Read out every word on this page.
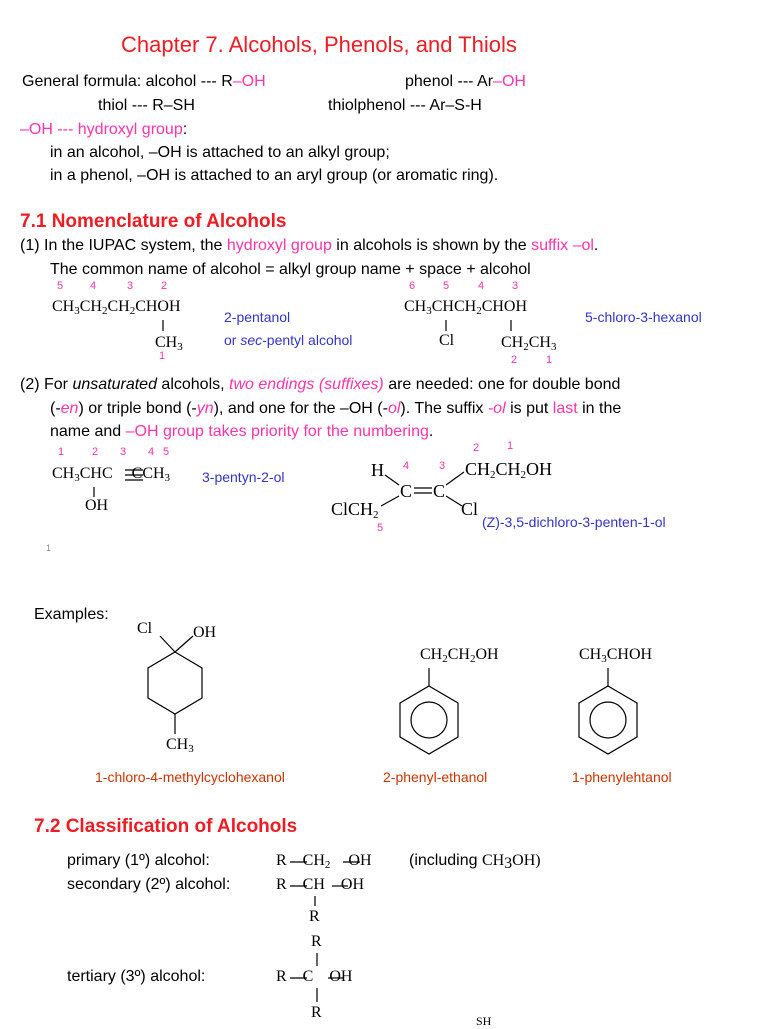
Chapter 7. Alcohols, Phenols, and Thiols
General formula: alcohol --- R–OH	phenol --- Ar–OH
thiol --- R–SH	thiolphenol --- Ar–S-H
–OH --- hydroxyl group:
in an alcohol, –OH is attached to an alkyl group;
in a phenol, –OH is attached to an aryl group (or aromatic ring).
7.1 Nomenclature of Alcohols
(1) In the IUPAC system, the hydroxyl group in alcohols is shown by the suffix –ol.
The common name of alcohol = alkyl group name + space + alcohol
5 4	3	2
$CH_3CH_2CH_2CHOH$
$CH_3$
1
2-pentanol
or sec-pentyl alcohol
6	5	4	3
$CH_3CHCH_2CHOH$
Cl	$CH_2CH_3$
2	1
5-chloro-3-hexanol
(2) For unsaturated alcohols, two endings (suffixes) are needed: one for double bond
(-en) or triple bond (-yn), and one for the –OH (-ol). The suffix -ol is put last in the
name and –OH group takes priority for the numbering.
1	2 3 4 5
$CH_3CHC$ $CCH_3$
OH
3-pentyn-2-ol	H 4	3
2	1
C C
$CH_2CH_2OH$
ClCH$_2$	Cl
5	(Z)-3,5-dichloro-3-penten-1-ol
1
Examples:
Cl	OH
$CH_3$
1-chloro-4-methylcyclohexanol
$CH_2CH_2OH$
2-phenyl-ethanol
$CH_3CHOH$
1-phenylehtanol
7.2 Classification of Alcohols
primary (1º) alcohol:	R $CH_2$ OH (including $CH_3OH$)
secondary (2º) alcohol:	R CH OH
R
R
tertiary (3º) alcohol:	R C OH
R	SH
